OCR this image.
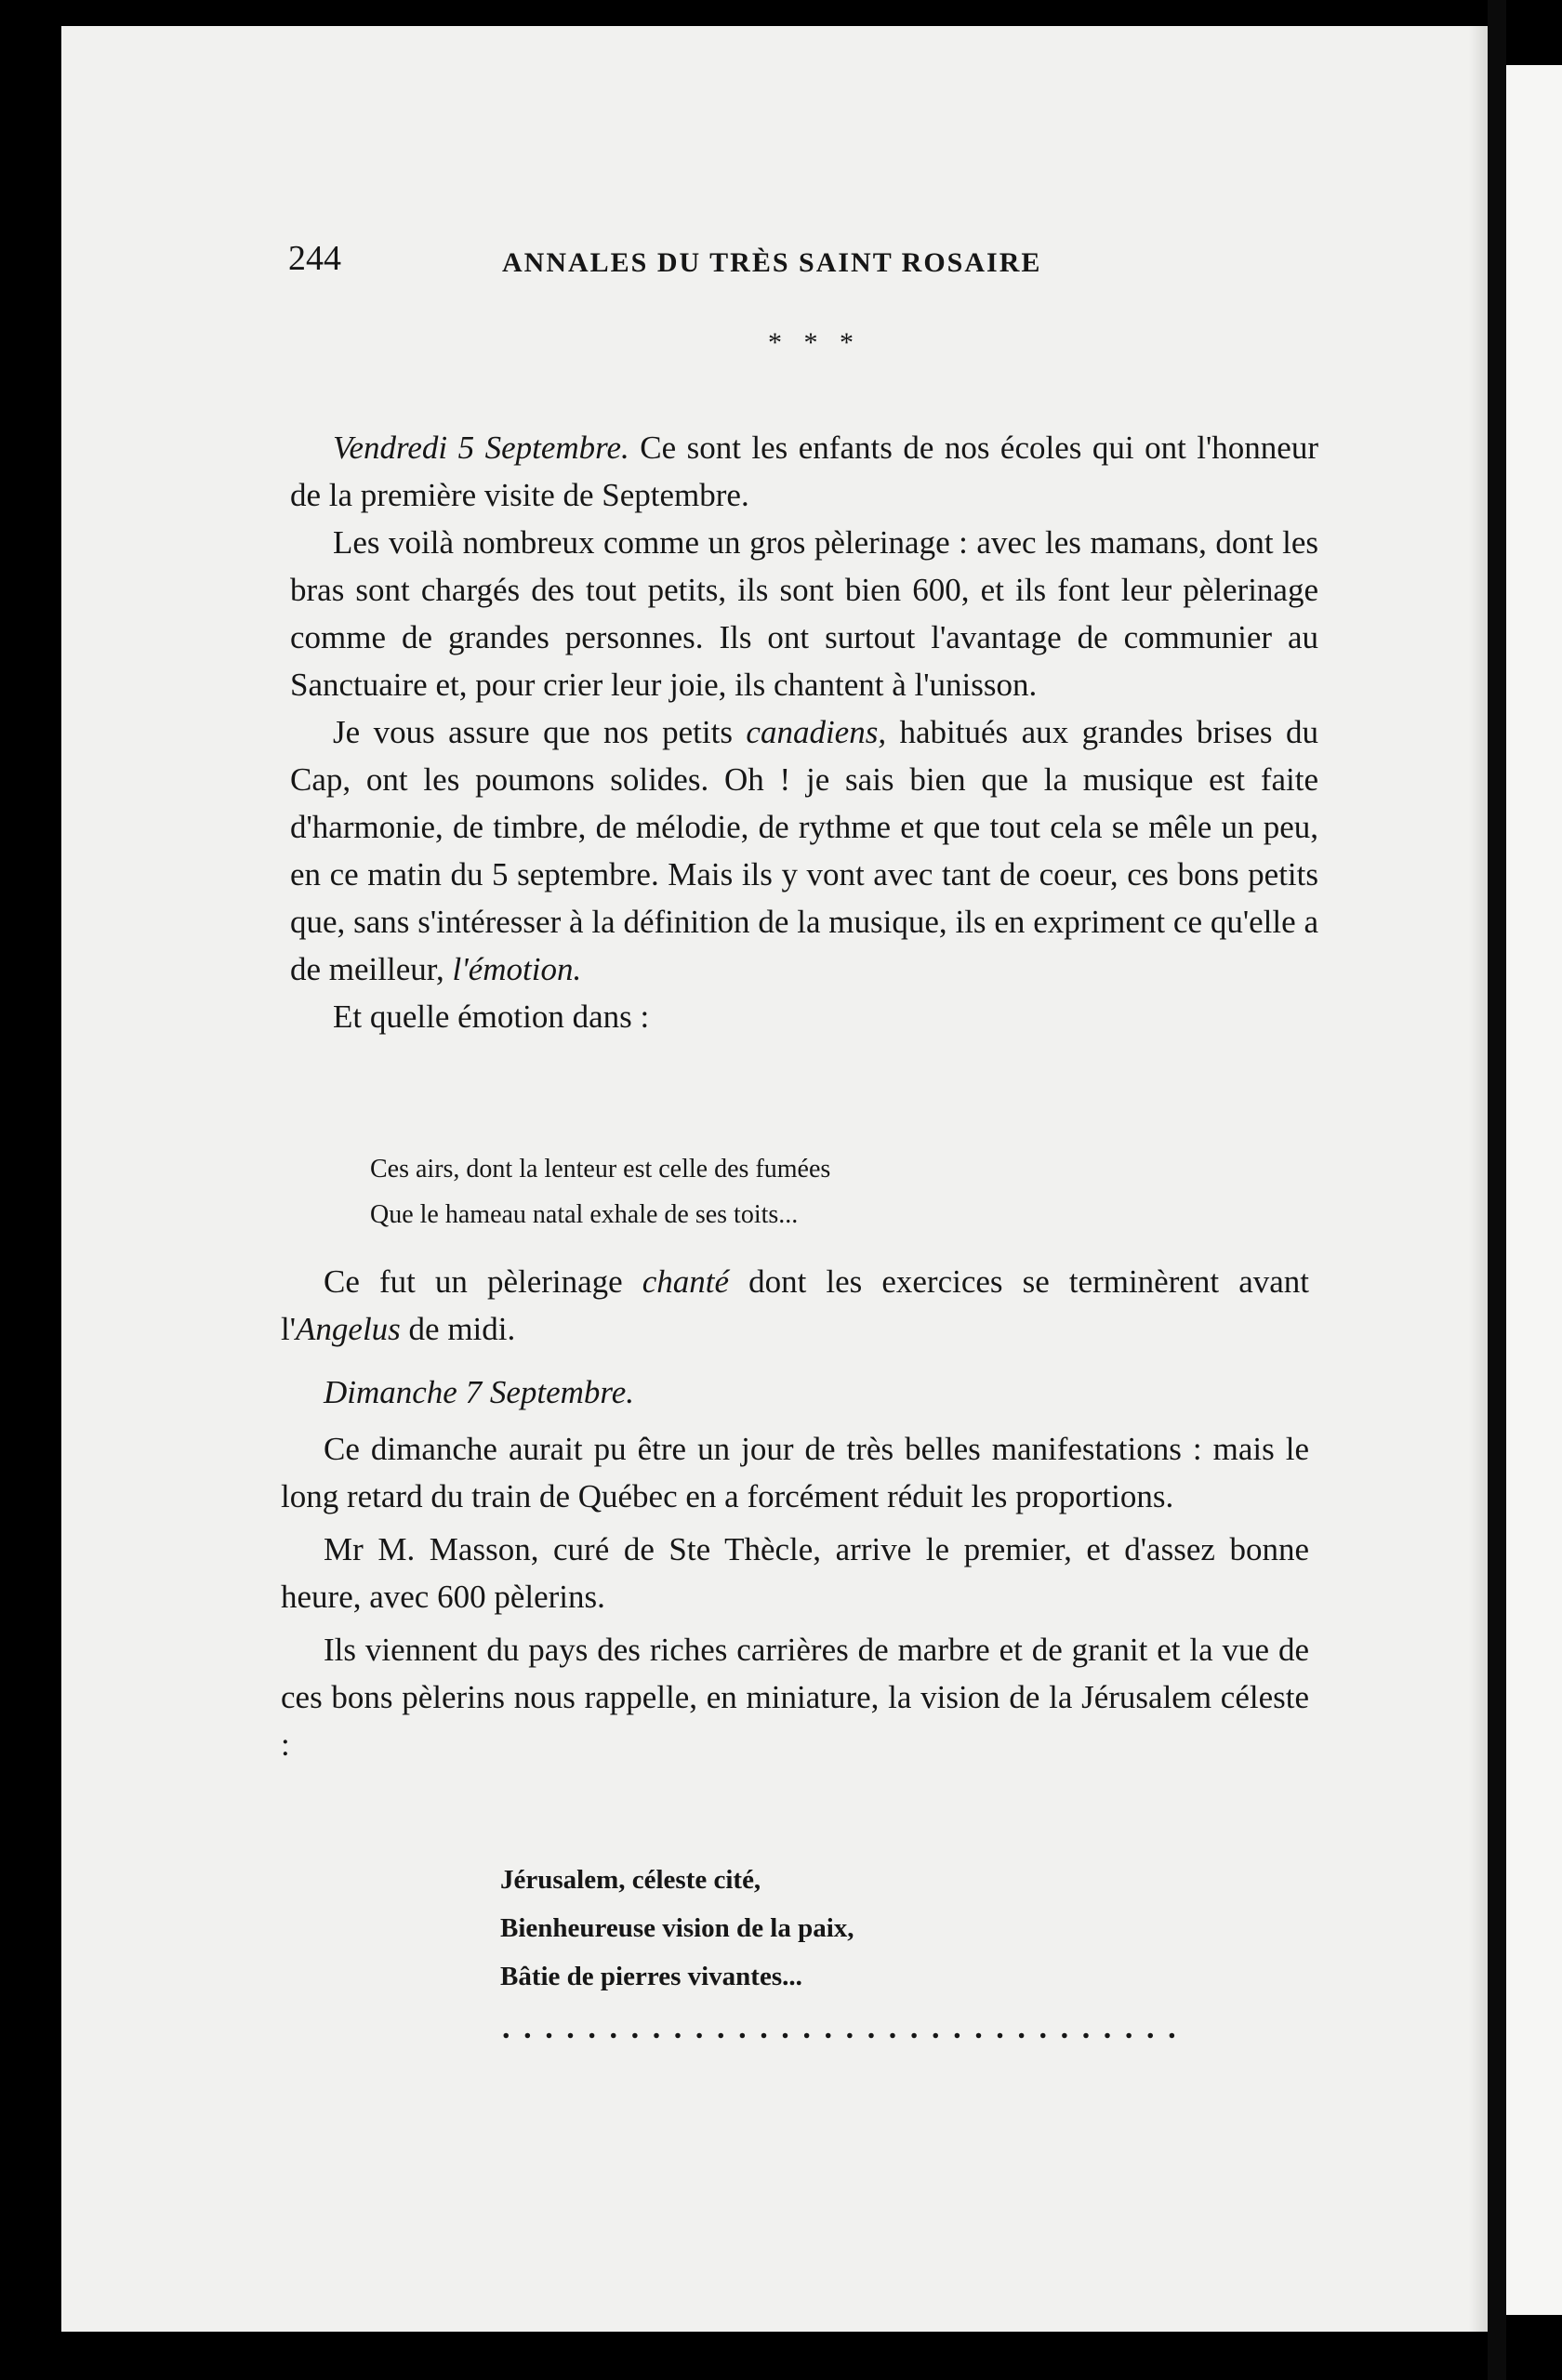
244	ANNALES DU TRÈS SAINT ROSAIRE
* * *

Vendredi 5 Septembre. Ce sont les enfants de nos écoles qui ont l'honneur de la première visite de Septembre.

Les voilà nombreux comme un gros pèlerinage : avec les mamans, dont les bras sont chargés des tout petits, ils sont bien 600, et ils font leur pèlerinage comme de grandes personnes. Ils ont surtout l'avantage de communier au Sanctuaire et, pour crier leur joie, ils chantent à l'unisson.

Je vous assure que nos petits canadiens, habitués aux grandes brises du Cap, ont les poumons solides. Oh ! je sais bien que la musique est faite d'harmonie, de timbre, de mélodie, de rythme et que tout cela se mêle un peu, en ce matin du 5 septembre. Mais ils y vont avec tant de coeur, ces bons petits que, sans s'intéresser à la définition de la musique, ils en expriment ce qu'elle a de meilleur, l'émotion.

Et quelle émotion dans :

Ces airs, dont la lenteur est celle des fumées
Que le hameau natal exhale de ses toits...

Ce fut un pèlerinage chanté dont les exercices se terminèrent avant l'Angelus de midi.

Dimanche 7 Septembre.

Ce dimanche aurait pu être un jour de très belles manifestations : mais le long retard du train de Québec en a forcément réduit les proportions.

Mr M. Masson, curé de Ste Thècle, arrive le premier, et d'assez bonne heure, avec 600 pèlerins.

Ils viennent du pays des riches carrières de marbre et de granit et la vue de ces bons pèlerins nous rappelle, en miniature, la vision de la Jérusalem céleste :

Jérusalem, céleste cité,
Bienheureuse vision de la paix,
Bâtie de pierres vivantes...
................................
